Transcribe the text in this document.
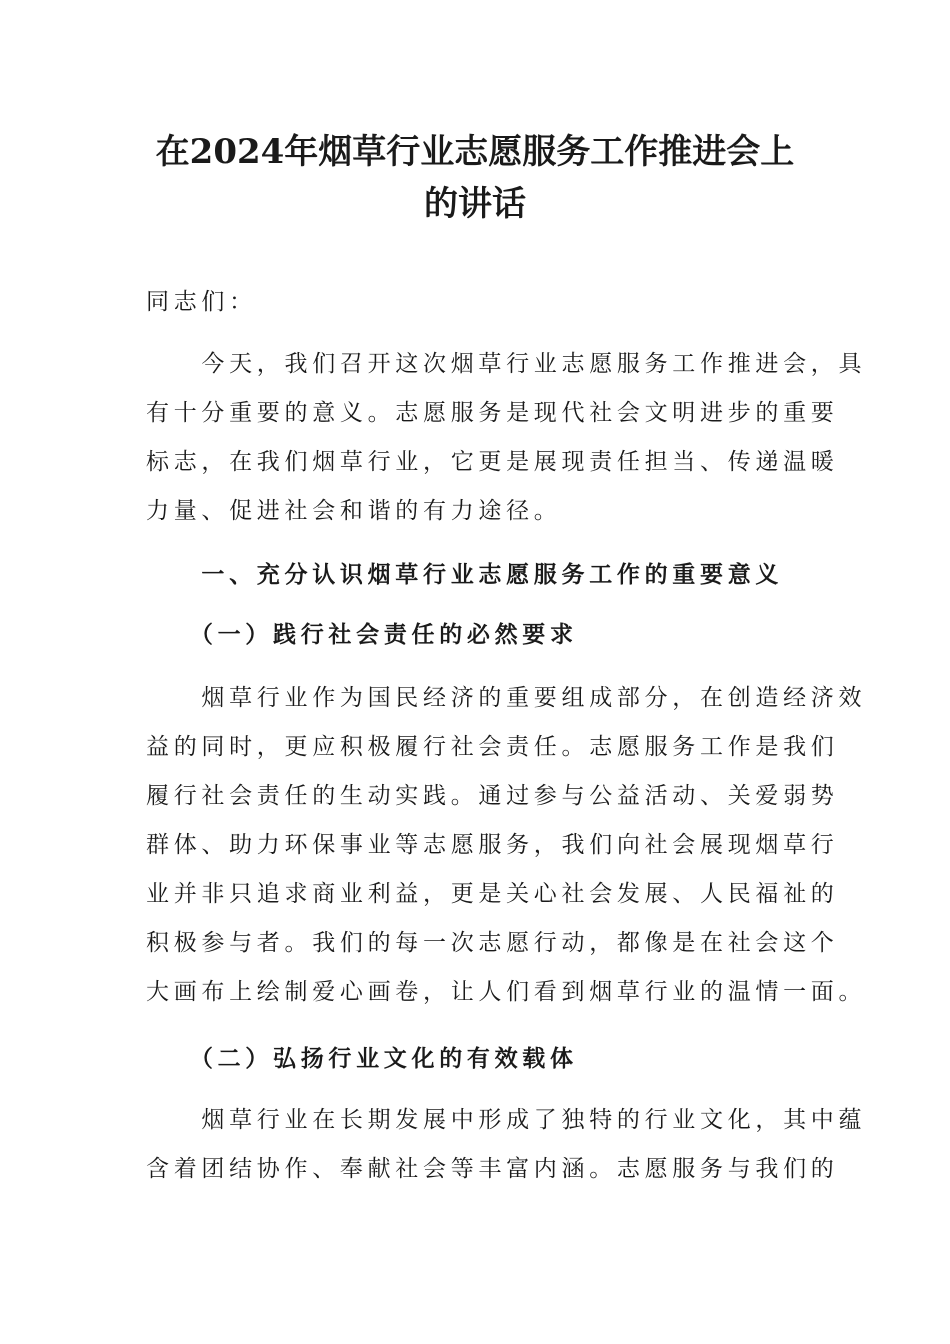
在2024年烟草行业志愿服务工作推进会上
的讲话
同志们：
　　今天，我们召开这次烟草行业志愿服务工作推进会，具
有十分重要的意义。志愿服务是现代社会文明进步的重要
标志，在我们烟草行业，它更是展现责任担当、传递温暖
力量、促进社会和谐的有力途径。
　　一、充分认识烟草行业志愿服务工作的重要意义
　　（一）践行社会责任的必然要求
　　烟草行业作为国民经济的重要组成部分，在创造经济效
益的同时，更应积极履行社会责任。志愿服务工作是我们
履行社会责任的生动实践。通过参与公益活动、关爱弱势
群体、助力环保事业等志愿服务，我们向社会展现烟草行
业并非只追求商业利益，更是关心社会发展、人民福祉的
积极参与者。我们的每一次志愿行动，都像是在社会这个
大画布上绘制爱心画卷，让人们看到烟草行业的温情一面。
　　（二）弘扬行业文化的有效载体
　　烟草行业在长期发展中形成了独特的行业文化，其中蕴
含着团结协作、奉献社会等丰富内涵。志愿服务与我们的
